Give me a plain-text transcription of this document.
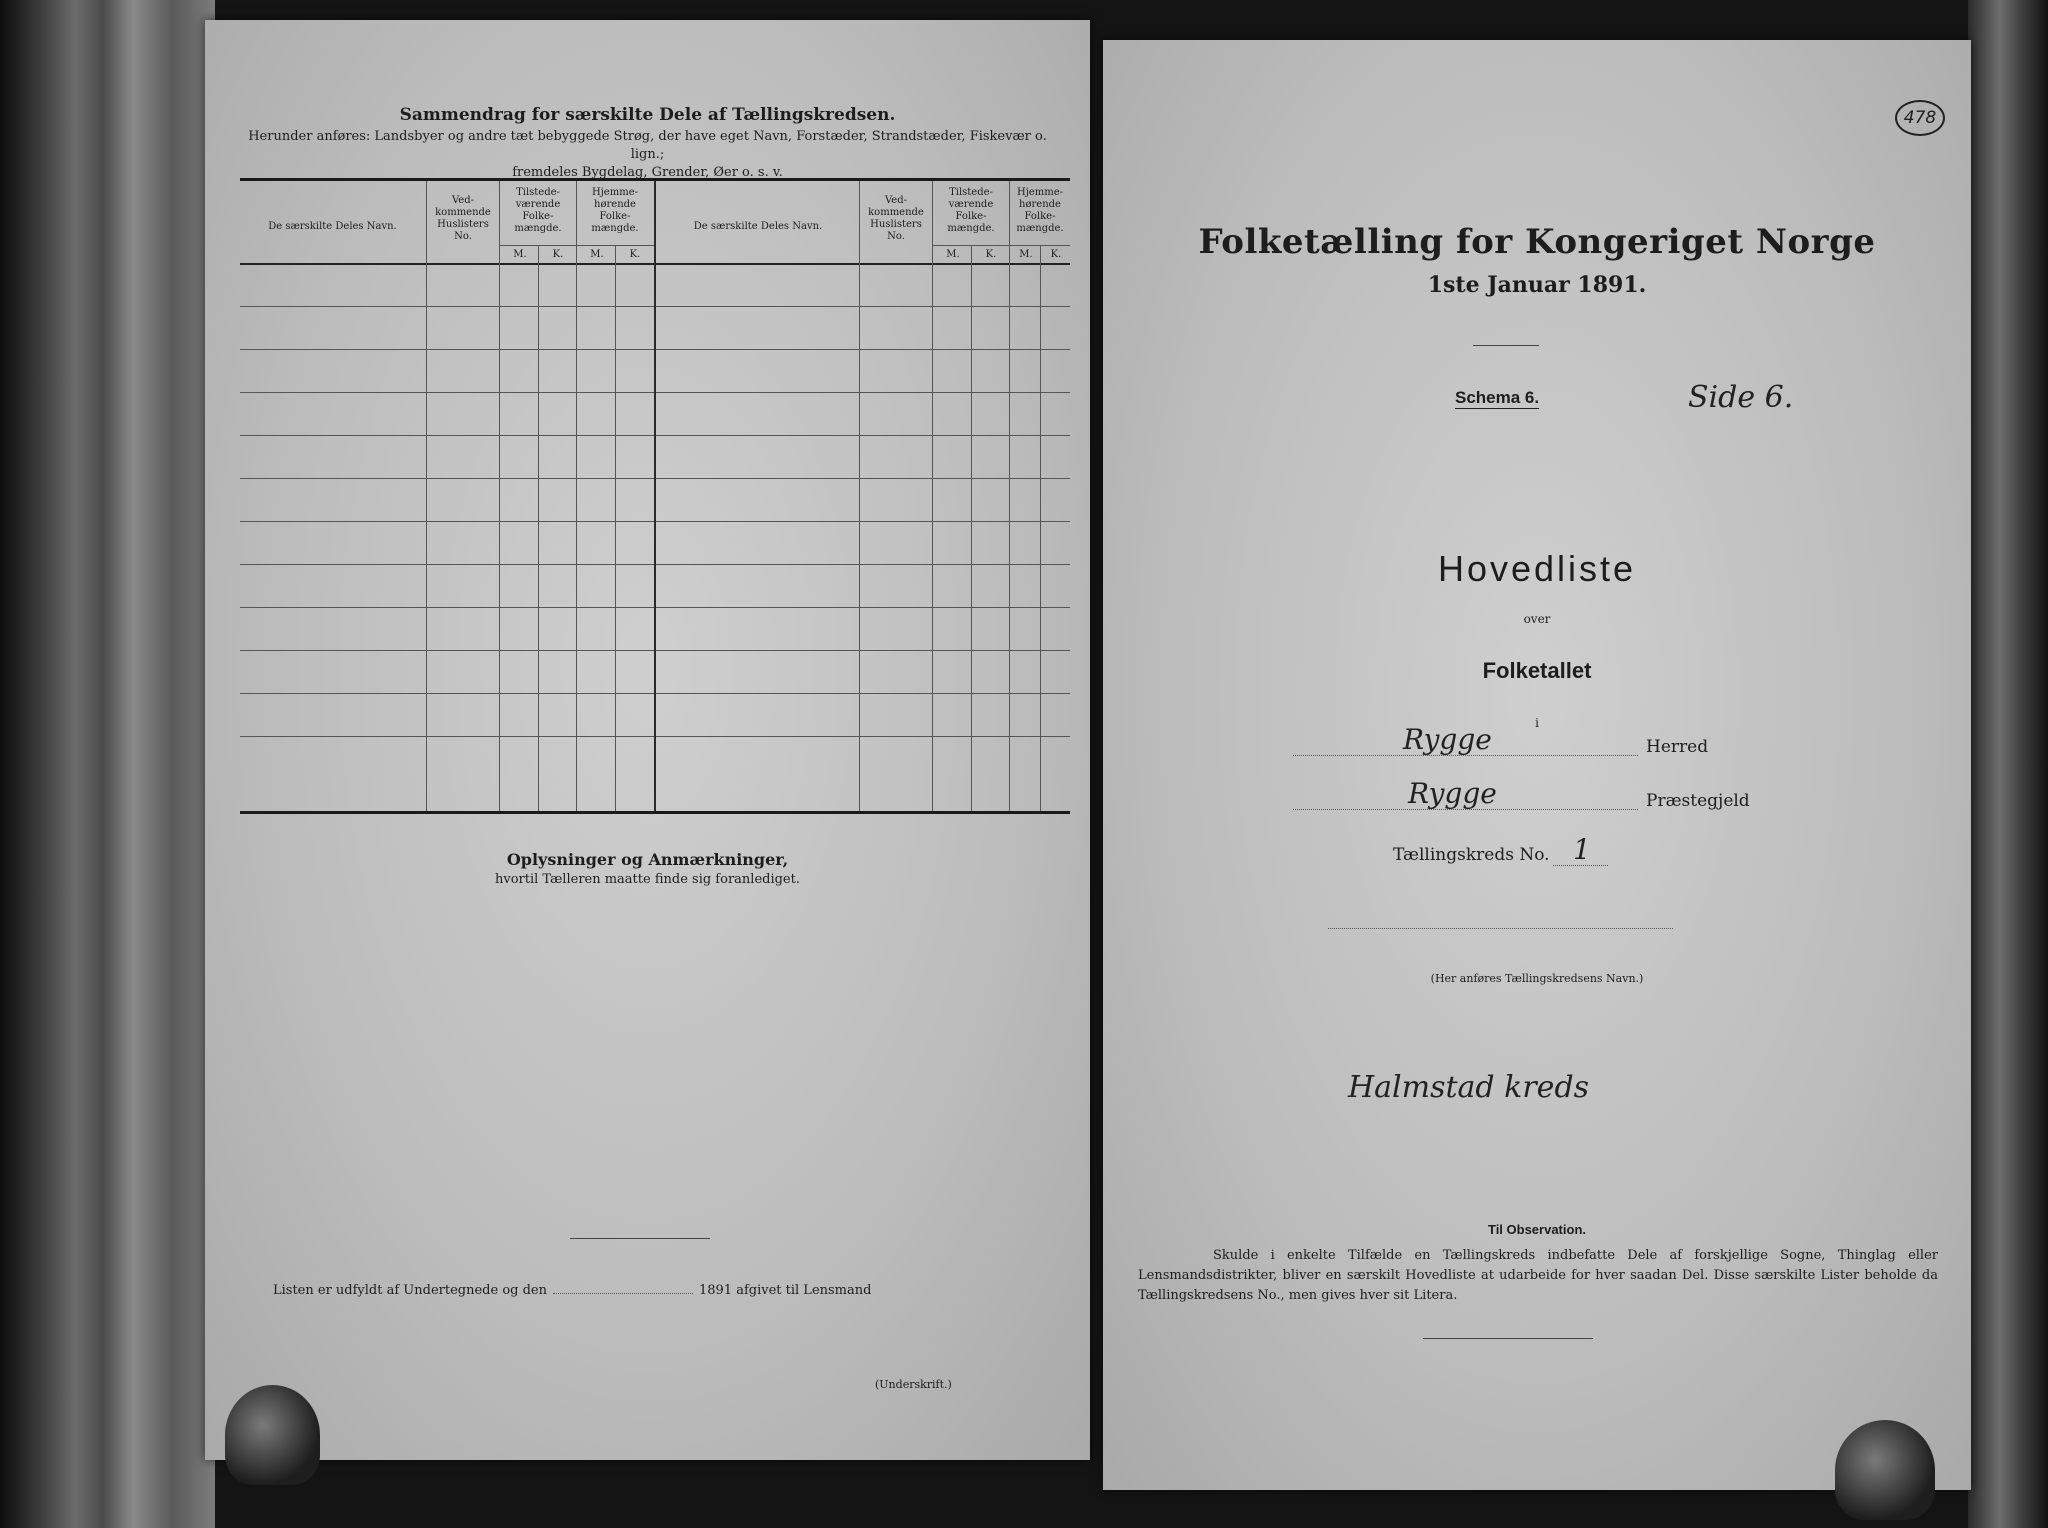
Sammendrag for særskilte Dele af Tællingskredsen.
Herunder anføres: Landsbyer og andre tæt bebyggede Strøg, der have eget Navn, Forstæder, Strandstæder, Fiskevær o. lign.;
fremdeles Bygdelag, Grender, Øer o. s. v.
De særskilte Deles Navn.
Ved-kommende Huslisters No.
Tilstede-værende Folke-mængde.
Hjemme-hørende Folke-mængde.
M.	K.	M.	K.
De særskilte Deles Navn.
Ved-kommende Huslisters No.
Tilstede-værende Folke-mængde.
Hjemme-hørende Folke-mængde.
M.	K.	M.	K.
Oplysninger og Anmærkninger,
hvortil Tælleren maatte finde sig foranlediget.
Listen er udfyldt af Undertegnede og den	1891 afgivet til Lensmand
(Underskrift.)
478
Folketælling for Kongeriget Norge
1ste Januar 1891.
Schema 6.	Side 6.
Hovedliste
over
Folketallet
i
Rygge	Herred
Rygge	Præstegjeld
Tællingskreds No. 1
(Her anføres Tællingskredsens Navn.)
Halmstad kreds
Til Observation.
Skulde i enkelte Tilfælde en Tællingskreds indbefatte Dele af forskjellige Sogne, Thinglag eller Lensmandsdistrikter, bliver en særskilt Hovedliste at udarbeide for hver saadan Del. Disse særskilte Lister beholde da Tællingskredsens No., men gives hver sit Litera.
